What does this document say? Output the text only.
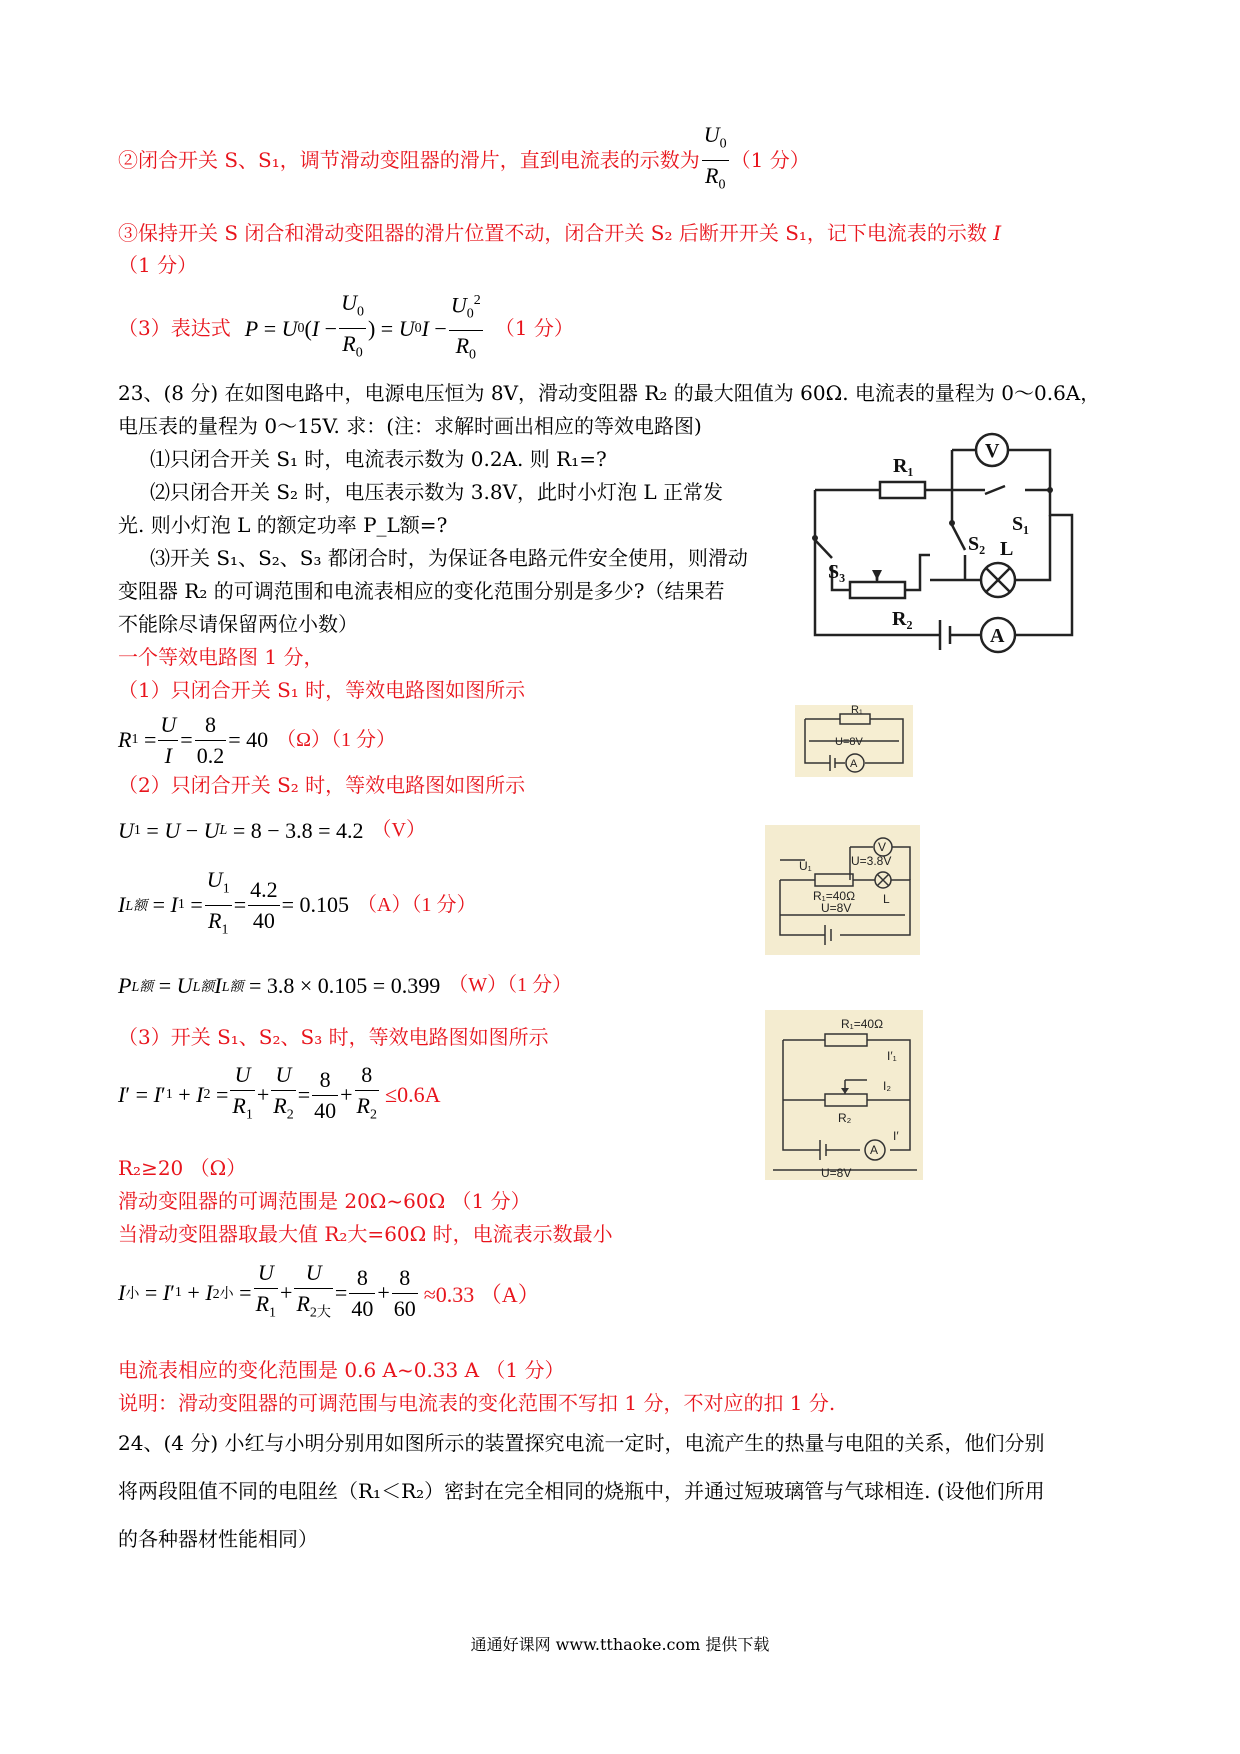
②闭合开关 S、S₁，调节滑动变阻器的滑片，直到电流表的示数为 $\frac{U_0}{R_0} (1$ 分）
③保持开关 S 闭合和滑动变阻器的滑片位置不动，闭合开关 S₂ 后断开开关 S₁，记下电流表的示数 I
（1 分）
（3）表达式 P = U 0 ( $I - \frac{U_0}{R_0}$ ) = U 0 $I - \frac{U_0^2}{R_0} (1$ 分）
23、(8 分) 在如图电路中，电源电压恒为 8V，滑动变阻器 R₂ 的最大阻值为 60Ω. 电流表的量程为 0～0.6A，
电压表的量程为 0～15V. 求：(注：求解时画出相应的等效电路图)
⑴只闭合开关 S₁ 时，电流表示数为 0.2A. 则 R₁=?
⑵只闭合开关 S₂ 时，电压表示数为 3.8V，此时小灯泡 L 正常发
光. 则小灯泡 L 的额定功率 P_L额=?
⑶开关 S₁、S₂、S₃ 都闭合时，为保证各电路元件安全使用，则滑动
变阻器 R₂ 的可调范围和电流表相应的变化范围分别是多少?（结果若
不能除尽请保留两位小数）
R₁
V
S₁
S₂ L
S₃
R₂
A
一个等效电路图 1 分，
（1）只闭合开关 S₁ 时，等效电路图如图所示
R $1 = \frac{U}{I} = \frac{8}{0.2} = 40$ （Ω）（1 分）
R₁
U=8V
A
（2）只闭合开关 S₂ 时，等效电路图如图所示
U 1 = U − U L
= 8 − 3.8 = 4.2 （V）
I L额 = I $1 = \frac{U_1}{R_1} = \frac{4.2}{40} = 0.105$ （A）（1 分）
U₁	U=3.8V
V
R₁=40Ω L
U=8V
P L额 = U L额 I L额
= 3.8 × 0.105 = 0.399 （W）（1 分）
（3）开关 S₁、S₂、S₃ 时，等效电路图如图所示
I ′ = I ′ 1 + I $2 = \frac{U}{R_1} + \frac{U}{R_2} = \frac{8}{40} + \frac{8}{R_2} \le 0.6A$
R₁=40Ω
I′₁
I₂
R₂
A
I′
U=8V
R₂≥20 （Ω）
滑动变阻器的可调范围是 20Ω~60Ω （1 分）
当滑动变阻器取最大值 R₂大=60Ω 时，电流表示数最小
I 小 = I ′ 1 + I 2小 = $\frac{U}{R_1} + \frac{U}{R_{2大}} = \frac{8}{40} + \frac{8}{60} \approx 0.33$ （A）
电流表相应的变化范围是 0.6 A~0.33 A （1 分）
说明：滑动变阻器的可调范围与电流表的变化范围不写扣 1 分，不对应的扣 1 分.
24、(4 分) 小红与小明分别用如图所示的装置探究电流一定时，电流产生的热量与电阻的关系，他们分别
将两段阻值不同的电阻丝（R₁＜R₂）密封在完全相同的烧瓶中，并通过短玻璃管与气球相连. (设他们所用
的各种器材性能相同）
通通好课网 www.tthaoke.com 提供下载
